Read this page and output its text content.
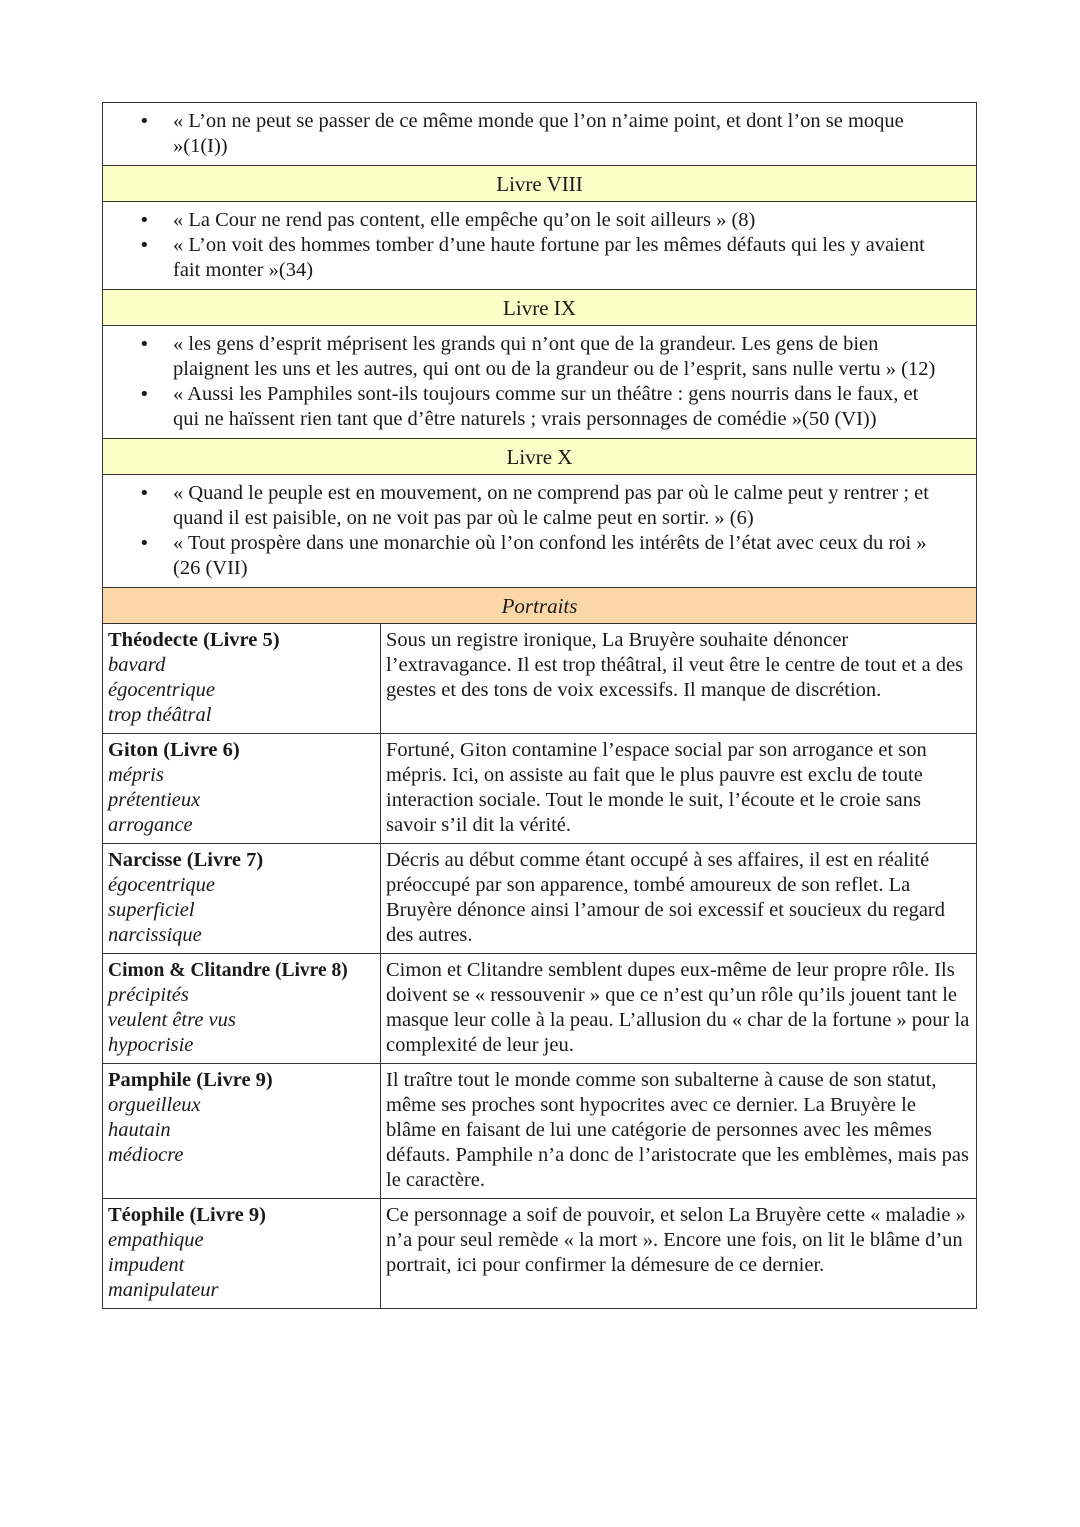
• « L’on ne peut se passer de ce même monde que l’on n’aime point, et dont l’on se moque »(1(I))
Livre VIII
• « La Cour ne rend pas content, elle empêche qu’on le soit ailleurs » (8)
• « L’on voit des hommes tomber d’une haute fortune par les mêmes défauts qui les y avaient fait monter »(34)
Livre IX
• « les gens d’esprit méprisent les grands qui n’ont que de la grandeur. Les gens de bien plaignent les uns et les autres, qui ont ou de la grandeur ou de l’esprit, sans nulle vertu » (12)
• « Aussi les Pamphiles sont-ils toujours comme sur un théâtre : gens nourris dans le faux, et qui ne haïssent rien tant que d’être naturels ; vrais personnages de comédie »(50 (VI))
Livre X
• « Quand le peuple est en mouvement, on ne comprend pas par où le calme peut y rentrer ; et quand il est paisible, on ne voit pas par où le calme peut en sortir. » (6)
• « Tout prospère dans une monarchie où l’on confond les intérêts de l’état avec ceux du roi » (26 (VII)
Portraits
Théodecte (Livre 5)
bavard
égocentrique
trop théâtral
Sous un registre ironique, La Bruyère souhaite dénoncer l’extravagance. Il est trop théâtral, il veut être le centre de tout et a des gestes et des tons de voix excessifs. Il manque de discrétion.
Giton (Livre 6)
mépris
prétentieux
arrogance
Fortuné, Giton contamine l’espace social par son arrogance et son mépris. Ici, on assiste au fait que le plus pauvre est exclu de toute interaction sociale. Tout le monde le suit, l’écoute et le croie sans savoir s’il dit la vérité.
Narcisse (Livre 7)
égocentrique
superficiel
narcissique
Décris au début comme étant occupé à ses affaires, il est en réalité préoccupé par son apparence, tombé amoureux de son reflet. La Bruyère dénonce ainsi l’amour de soi excessif et soucieux du regard des autres.
Cimon & Clitandre (Livre 8)
précipités
veulent être vus
hypocrisie
Cimon et Clitandre semblent dupes eux-même de leur propre rôle. Ils doivent se « ressouvenir » que ce n’est qu’un rôle qu’ils jouent tant le masque leur colle à la peau. L’allusion du « char de la fortune » pour la complexité de leur jeu.
Pamphile (Livre 9)
orgueilleux
hautain
médiocre
Il traître tout le monde comme son subalterne à cause de son statut, même ses proches sont hypocrites avec ce dernier. La Bruyère le blâme en faisant de lui une catégorie de personnes avec les mêmes défauts. Pamphile n’a donc de l’aristocrate que les emblèmes, mais pas le caractère.
Téophile (Livre 9)
empathique
impudent
manipulateur
Ce personnage a soif de pouvoir, et selon La Bruyère cette « maladie » n’a pour seul remède « la mort ». Encore une fois, on lit le blâme d’un portrait, ici pour confirmer la démesure de ce dernier.
